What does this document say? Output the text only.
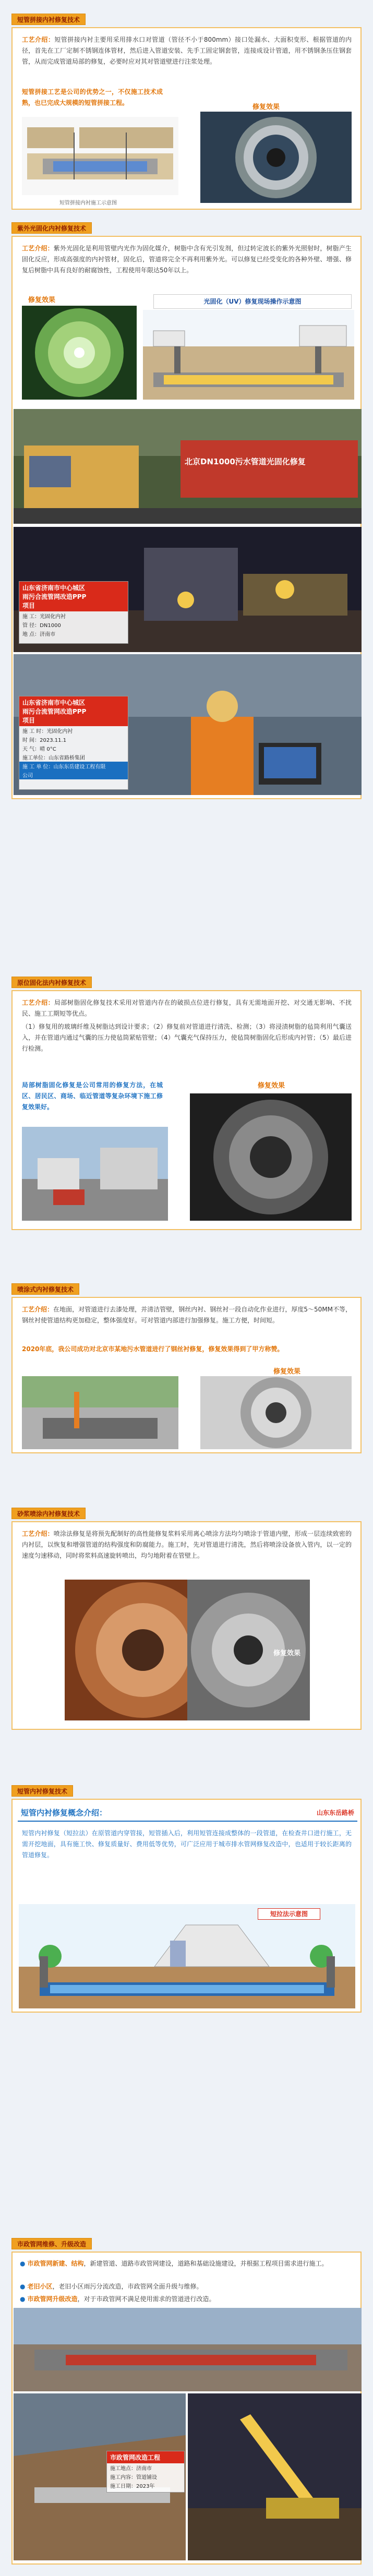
短管拼接内衬修复技术
工艺介绍：短管拼接内衬主要用采用排水口对管道（管径不小于800mm）接口处漏水、大面积变形、根据管道的内径，首先在工厂定制不锈钢连体管材，然后进入管道安装、先手工固定钢套管，连接成设计管道，用不锈钢条压住钢套管，从而完成管道局部的修复，必要时应对其对管道壁进行注浆处理。
短管拼接工艺是公司的优势之一，不仅施工技术成熟，也已完成大规模的短管拼接工程。
短管拼接内衬施工示意图
修复效果
紫外光固化内衬修复技术
工艺介绍：紫外光固化是利用管壁内光作为固化媒介，树脂中含有光引发剂，但过转定波长的紫外光照射时，树脂产生固化反应，形成高强度的内衬管材，固化后，管道将完全不再利用紫外光。可以修复已经受变化的各种外壁、增强、修复后树脂中具有良好的耐腐蚀性，工程使用年限达50年以上。
修复效果	光固化（UV）修复现场操作示意图
北京DN1000污水管道光固化修复
山东省济南市中心城区
雨污合流管网改造PPP
项目
施 工：光固化内衬
管 径：DN1000
地 点：济南市
山东省济南市中心城区
雨污合流管网改造PPP
项目
施 工 时：光固化内衬
时 间：2023.11.1
天 气：晴 0°C
施工单位：山东省路桥集团
施 工 单 位：山东东岳建设工程有限
公司
原位固化法内衬修复技术
工艺介绍：局部树脂固化修复技术采用对管道内存在的破损点位进行修复，具有无需地面开挖、对交通无影响、不扰民、施工工期短等优点。
（1）修复用的玻璃纤维及树脂达到设计要求；（2）修复前对管道进行清洗、检测；（3）将浸渍树脂的毡筒利用气囊送入，并在管道内通过气囊的压力使毡筒紧贴管壁；（4）气囊充气保持压力，使毡筒树脂固化后形成内衬管；（5）最后进行检测。
局部树脂固化修复是公司常用的修复方法，在城区、居民区、商场、临近管道等复杂环境下施工修复效果好。
修复效果
喷涂式内衬修复技术
工艺介绍：在地面，对管道进行去漆处理，并清洁管壁，钢丝内衬、钢丝衬一段自动化作业进行，厚度5～50MM不等，钢丝衬使管道结构更加稳定，整体强度好。可对管道内部进行加强修复。施工方便，时间短。
2020年底，我公司成功对北京市某地污水管道进行了钢丝衬修复，修复效果得到了甲方称赞。
修复效果
砂浆喷涂内衬修复技术
工艺介绍：喷涂法修复是将预先配制好的高性能修复浆料采用离心喷涂方法均匀喷涂于管道内壁，形成一层连续致密的内衬层，以恢复和增强管道的结构强度和防腐能力。施工时，先对管道进行清洗，然后将喷涂设备放入管内，以一定的速度匀速移动，同时将浆料高速旋转喷出，均匀地附着在管壁上。
修复效果
短管内衬修复技术
短管内衬修复概念介绍：	山东东岳路桥
短管内衬修复（短拉法）在原管道内穿管接，短管插入后，利用短管连接成整体的一段管道，在检查井口进行施工，无需开挖地面，具有施工快、修复质量好、费用低等优势，可广泛应用于城市排水管网修复改造中，也适用于较长距离的管道修复。
短拉法示意图
市政管网维修、升级改造
● 市政管网新建、结构，新建管道、道路市政管网建设，道路和基础设施建设，并根据工程项目需求进行施工。
● 老旧小区，老旧小区雨污分流改造，市政管网全面升级与维修。
● 市政管网升级改造，对于市政管网不满足使用需求的管道进行改造。
市政管网改造工程
施工地点：济南市
施工内容：管道铺设
施工日期：2023年
